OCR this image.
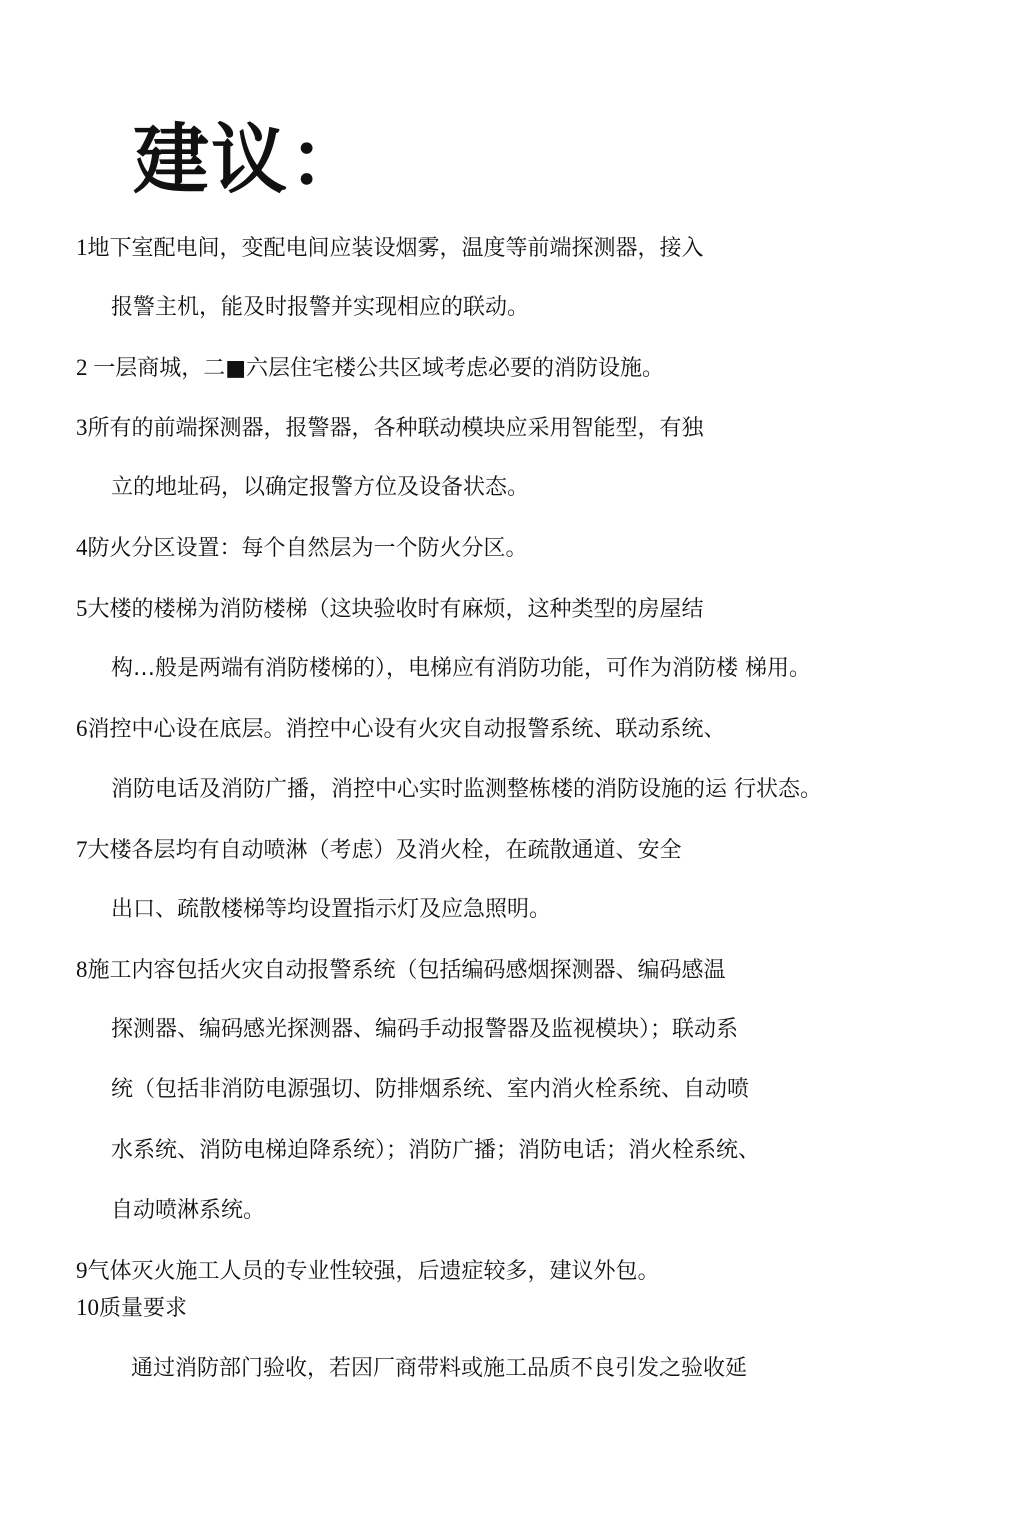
建议：
1地下室配电间，变配电间应装设烟雾，温度等前端探测器，接入
报警主机，能及时报警并实现相应的联动。
2 一层商城，二■六层住宅楼公共区域考虑必要的消防设施。
3所有的前端探测器，报警器，各种联动模块应采用智能型，有独
立的地址码，以确定报警方位及设备状态。
4防火分区设置：每个自然层为一个防火分区。
5大楼的楼梯为消防楼梯（这块验收时有麻烦，这种类型的房屋结
构…般是两端有消防楼梯的），电梯应有消防功能，可作为消防楼 梯用。
6消控中心设在底层。消控中心设有火灾自动报警系统、联动系统、
消防电话及消防广播，消控中心实时监测整栋楼的消防设施的运 行状态。
7大楼各层均有自动喷淋（考虑）及消火栓，在疏散通道、安全
出口、疏散楼梯等均设置指示灯及应急照明。
8施工内容包括火灾自动报警系统（包括编码感烟探测器、编码感温
探测器、编码感光探测器、编码手动报警器及监视模块）；联动系
统（包括非消防电源强切、防排烟系统、室内消火栓系统、自动喷
水系统、消防电梯迫降系统）；消防广播；消防电话；消火栓系统、
自动喷淋系统。
9气体灭火施工人员的专业性较强，后遗症较多，建议外包。
10质量要求
通过消防部门验收，若因厂商带料或施工品质不良引发之验收延
